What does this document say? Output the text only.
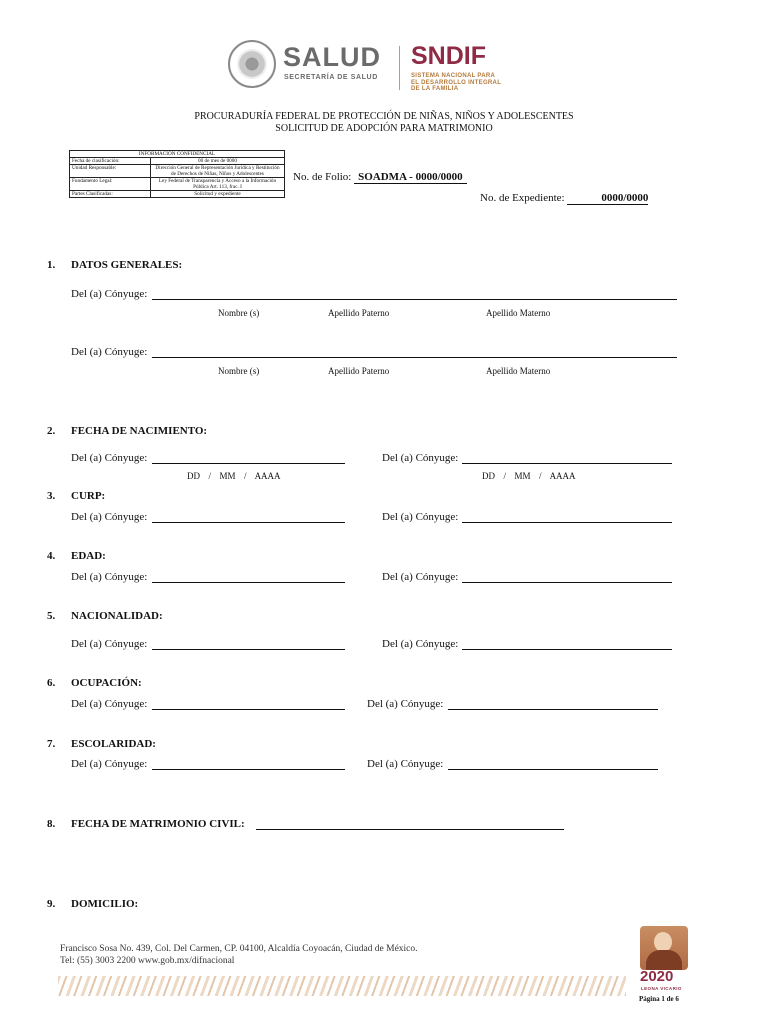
SALUD
SECRETARÍA DE SALUD
SNDIF
SISTEMA NACIONAL PARA
EL DESARROLLO INTEGRAL
DE LA FAMILIA
PROCURADURÍA FEDERAL DE PROTECCIÓN DE NIÑAS, NIÑOS Y ADOLESCENTES
SOLICITUD DE ADOPCIÓN PARA MATRIMONIO
INFORMACION CONFIDENCIAL	
Fecha de clasificación:	00 de mes de 0000
Unidad Responsable:	Dirección General de Representación Jurídica y Restitución de Derechos de Niñas, Niños y Adolescentes
Fundamento Legal:	Ley Federal de Transparencia y Acceso a la Información Pública Art. 113, frac. I
Partes Clasificadas:	Solicitud y expediente
No. de Folio: SOADMA - 0000/0000
No. de Expediente:	0000/0000
1. DATOS GENERALES:
Del (a) Cónyuge:
Nombre (s)	Apellido Paterno	Apellido Materno
Del (a) Cónyuge:
Nombre (s)	Apellido Paterno	Apellido Materno
2. FECHA DE NACIMIENTO:
Del (a) Cónyuge:	Del (a) Cónyuge:
DD / MM / AAAA	DD / MM / AAAA
3. CURP:
Del (a) Cónyuge:	Del (a) Cónyuge:
4. EDAD:
Del (a) Cónyuge:	Del (a) Cónyuge:
5. NACIONALIDAD:
Del (a) Cónyuge:	Del (a) Cónyuge:
6. OCUPACIÓN:
Del (a) Cónyuge:	Del (a) Cónyuge:
7. ESCOLARIDAD:
Del (a) Cónyuge:	Del (a) Cónyuge:
8. FECHA DE MATRIMONIO CIVIL:
9. DOMICILIO:
Francisco Sosa No. 439, Col. Del Carmen, CP. 04100, Alcaldía Coyoacán, Ciudad de México.
Tel: (55) 3003 2200 www.gob.mx/difnacional
2020
LEONA VICARIO
Página 1 de 6
